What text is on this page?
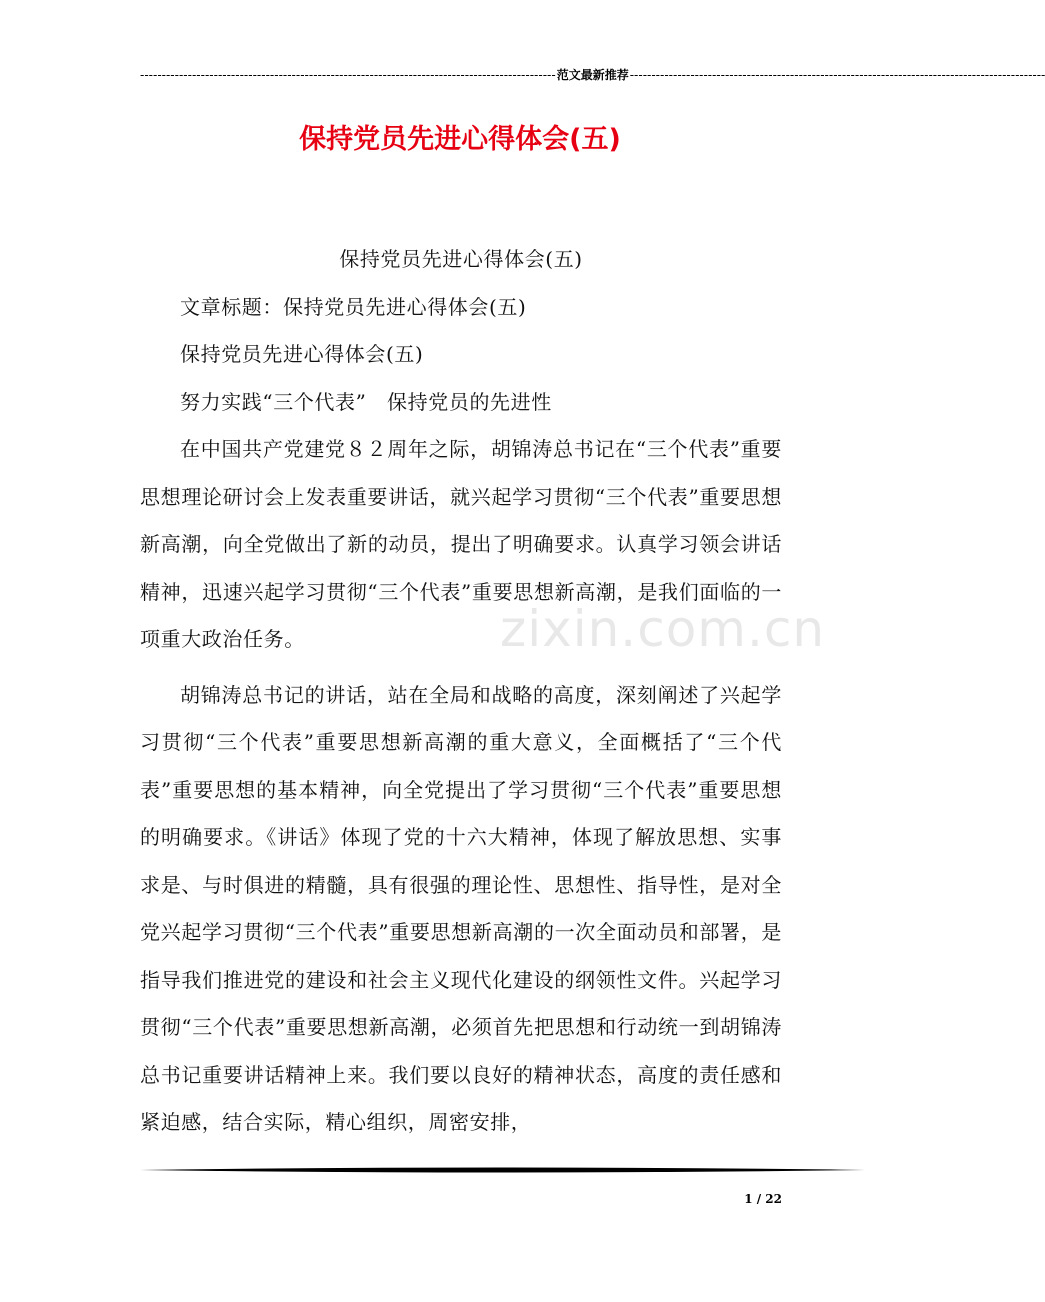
------------------------------------------------------------------------------------------------ 范文最新推荐 ------------------------------------------------------------------------------------------------
保持党员先进心得体会(五)

保持党员先进心得体会(五)

文章标题：保持党员先进心得体会(五)

保持党员先进心得体会(五)

努力实践“三个代表”　保持党员的先进性

在中国共产党建党８２周年之际，胡锦涛总书记在“三个代表”重要思想理论研讨会上发表重要讲话，就兴起学习贯彻“三个代表”重要思想新高潮，向全党做出了新的动员，提出了明确要求。认真学习领会讲话精神，迅速兴起学习贯彻“三个代表”重要思想新高潮，是我们面临的一项重大政治任务。

胡锦涛总书记的讲话，站在全局和战略的高度，深刻阐述了兴起学习贯彻“三个代表”重要思想新高潮的重大意义，全面概括了“三个代表”重要思想的基本精神，向全党提出了学习贯彻“三个代表”重要思想的明确要求。《讲话》体现了党的十六大精神，体现了解放思想、实事求是、与时俱进的精髓，具有很强的理论性、思想性、指导性，是对全党兴起学习贯彻“三个代表”重要思想新高潮的一次全面动员和部署，是指导我们推进党的建设和社会主义现代化建设的纲领性文件。兴起学习贯彻“三个代表”重要思想新高潮，必须首先把思想和行动统一到胡锦涛总书记重要讲话精神上来。我们要以良好的精神状态，高度的责任感和紧迫感，结合实际，精心组织，周密安排，

zixin.com.cn
1 / 22
